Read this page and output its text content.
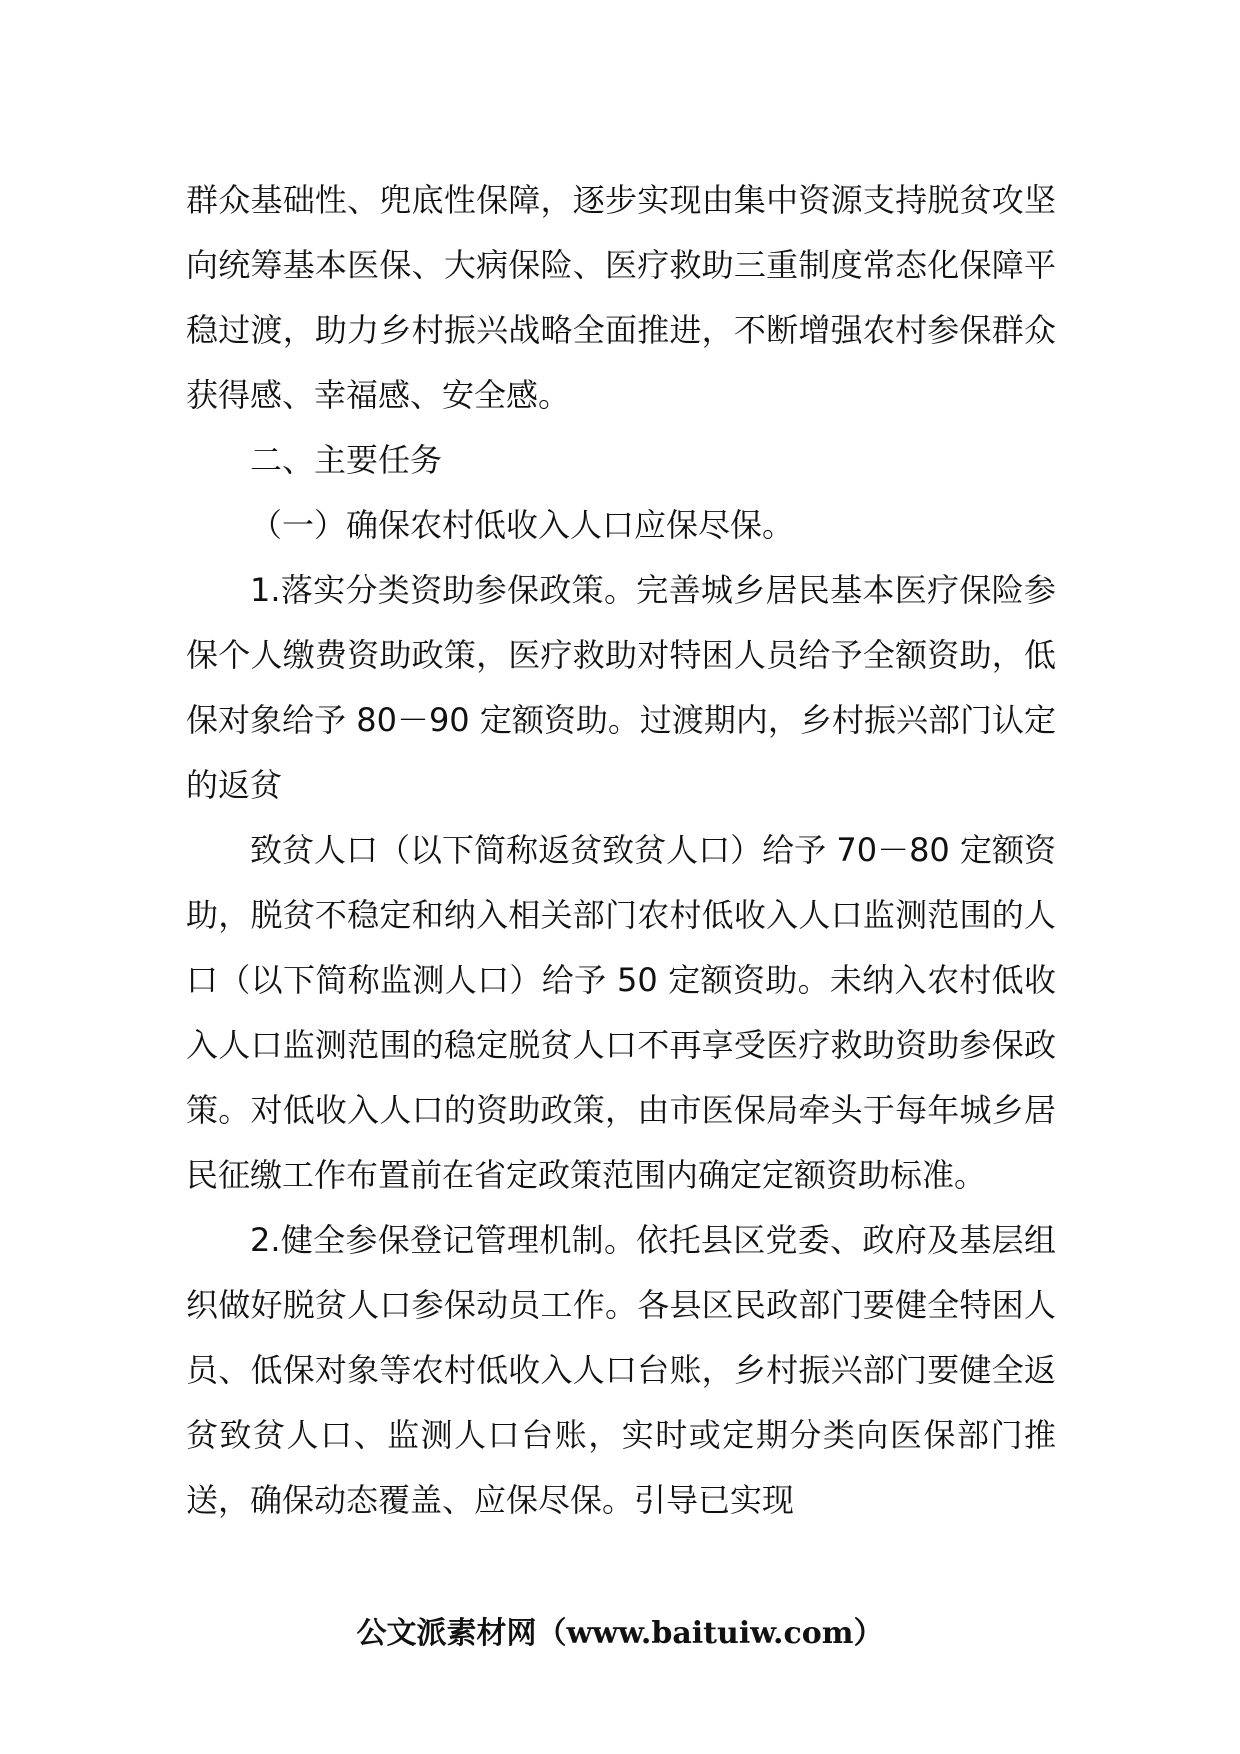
群众基础性、兜底性保障，逐步实现由集中资源支持脱贫攻坚向统筹基本医保、大病保险、医疗救助三重制度常态化保障平稳过渡，助力乡村振兴战略全面推进，不断增强农村参保群众获得感、幸福感、安全感。

二、主要任务

（一）确保农村低收入人口应保尽保。

1.落实分类资助参保政策。完善城乡居民基本医疗保险参保个人缴费资助政策，医疗救助对特困人员给予全额资助，低保对象给予 80－90 定额资助。过渡期内，乡村振兴部门认定的返贫

致贫人口（以下简称返贫致贫人口）给予 70－80 定额资助，脱贫不稳定和纳入相关部门农村低收入人口监测范围的人口（以下简称监测人口）给予 50 定额资助。未纳入农村低收入人口监测范围的稳定脱贫人口不再享受医疗救助资助参保政策。对低收入人口的资助政策，由市医保局牵头于每年城乡居民征缴工作布置前在省定政策范围内确定定额资助标准。

2.健全参保登记管理机制。依托县区党委、政府及基层组织做好脱贫人口参保动员工作。各县区民政部门要健全特困人员、低保对象等农村低收入人口台账，乡村振兴部门要健全返贫致贫人口、监测人口台账，实时或定期分类向医保部门推送，确保动态覆盖、应保尽保。引导已实现

公文派素材网（www.baituiw.com）
